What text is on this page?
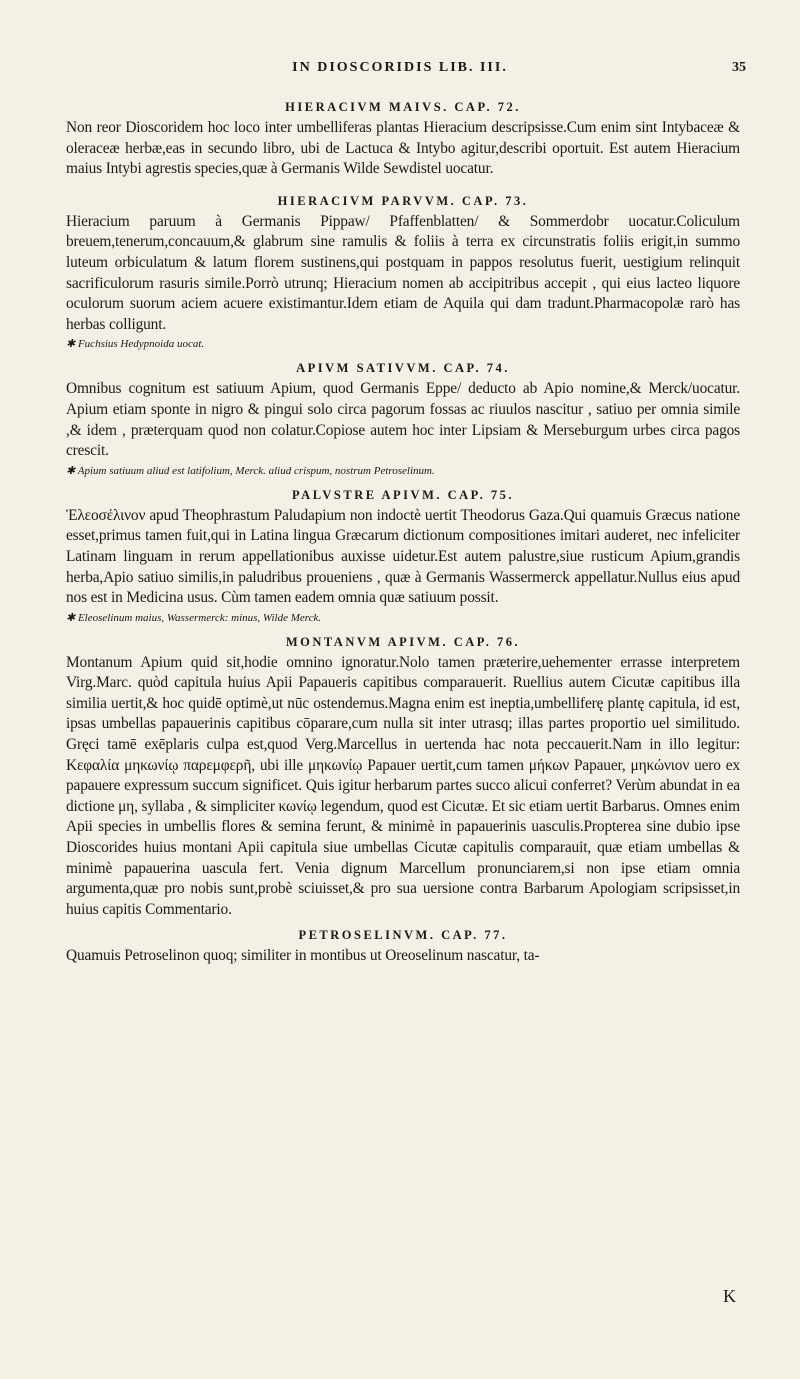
IN DIOSCORIDIS LIB. III.	35
HIERACIVM MAIVS. CAP. 72.

Non reor Dioscoridem hoc loco inter umbelliferas plantas Hieracium descripsisse.Cum enim sint Intybaceæ & oleraceæ herbæ,eas in secundo libro, ubi de Lactuca & Intybo agitur,describi oportuit. Est autem Hieracium maius Intybi agrestis species,quæ à Germanis Wilde Sewdistel uocatur.

HIERACIVM PARVVM. CAP. 73.

Hieracium paruum à Germanis Pippaw/ Pfaffenblatten/ & Sommerdobr uocatur.Coliculum breuem,tenerum,concauum,& glabrum sine ramulis & foliis à terra ex circunstratis foliis erigit,in summo luteum orbiculatum & latum florem sustinens,qui postquam in pappos resolutus fuerit, uestigium relinquit sacrificulorum rasuris simile.Porrò utrunq; Hieracium nomen ab accipitribus accepit , qui eius lacteo liquore oculorum suorum aciem acuere existimantur.Idem etiam de Aquila qui dam tradunt.Pharmacopolæ rarò has herbas colligunt.

✱ Fuchsius Hedypnoida uocat.

APIVM SATIVVM. CAP. 74.

Omnibus cognitum est satiuum Apium, quod Germanis Eppe/ deducto ab Apio nomine,& Merck/uocatur. Apium etiam sponte in nigro & pingui solo circa pagorum fossas ac riuulos nascitur , satiuo per omnia simile ,& idem , præterquam quod non colatur.Copiose autem hoc inter Lipsiam & Merseburgum urbes circa pagos crescit.

✱ Apium satiuum aliud est latifolium, Merck. aliud crispum, nostrum Petroselinum.

PALVSTRE APIVM. CAP. 75.

Ἐλεοσέλινον apud Theophrastum Paludapium non indoctè uertit Theodorus Gaza.Qui quamuis Græcus natione esset,primus tamen fuit,qui in Latina lingua Græcarum dictionum compositiones imitari auderet, nec infeliciter Latinam linguam in rerum appellationibus auxisse uidetur.Est autem palustre,siue rusticum Apium,grandis herba,Apio satiuo similis,in paludribus proueniens , quæ à Germanis Wassermerck appellatur.Nullus eius apud nos est in Medicina usus. Cùm tamen eadem omnia quæ satiuum possit.

✱ Eleoselinum maius, Wassermerck: minus, Wilde Merck.

MONTANVM APIVM. CAP. 76.

Montanum Apium quid sit,hodie omnino ignoratur.Nolo tamen præterire,uehementer errasse interpretem Virg.Marc. quòd capitula huius Apii Papaueris capitibus comparauerit. Ruellius autem Cicutæ capitibus illa similia uertit,& hoc quidē optimè,ut nūc ostendemus.Magna enim est ineptia,umbelliferę plantę capitula, id est, ipsas umbellas papauerinis capitibus cōparare,cum nulla sit inter utrasq; illas partes proportio uel similitudo. Gręci tamē exēplaris culpa est,quod Verg.Marcellus in uertenda hac nota peccauerit.Nam in illo legitur: Κεφαλία μηκωνίῳ παρεμφερῆ, ubi ille μηκωνίῳ Papauer uertit,cum tamen μήκων Papauer, μηκώνιον uero ex papauere expressum succum significet. Quis igitur herbarum partes succo alicui conferret? Verùm abundat in ea dictione μη, syllaba , & simpliciter κωνίῳ legendum, quod est Cicutæ. Et sic etiam uertit Barbarus. Omnes enim Apii species in umbellis flores & semina ferunt, & minimè in papauerinis uasculis.Propterea sine dubio ipse Dioscorides huius montani Apii capitula siue umbellas Cicutæ capitulis comparauit, quæ etiam umbellas & minimè papauerina uascula fert. Venia dignum Marcellum pronunciarem,si non ipse etiam omnia argumenta,quæ pro nobis sunt,probè sciuisset,& pro sua uersione contra Barbarum Apologiam scripsisset,in huius capitis Commentario.

PETROSELINVM. CAP. 77.

Quamuis Petroselinon quoq; similiter in montibus ut Oreoselinum nascatur, ta-

K
